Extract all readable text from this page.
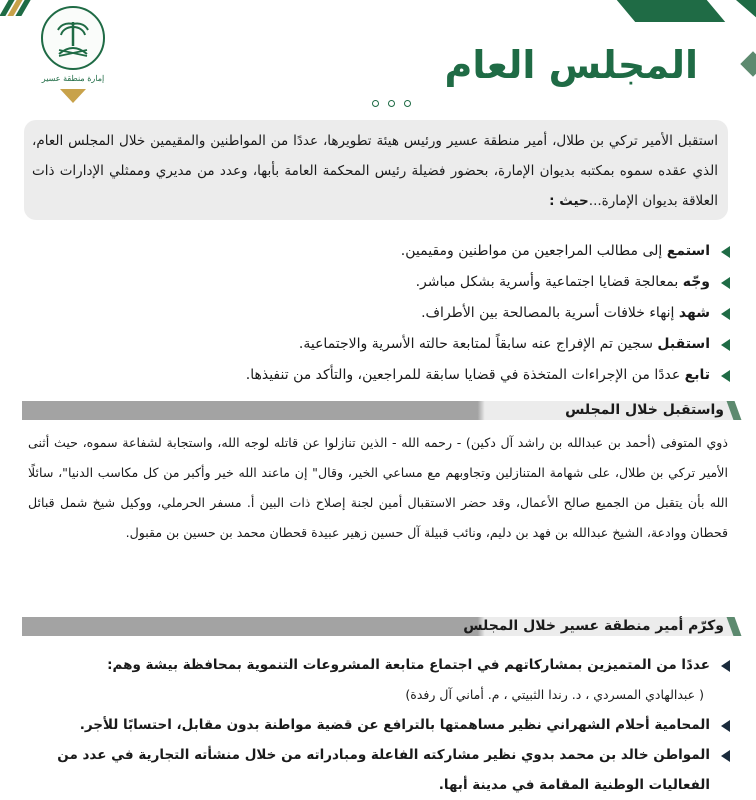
إمارة منطقة عسير	المجلس العام
استقبل الأمير تركي بن طلال، أمير منطقة عسير ورئيس هيئة تطويرها، عددًا من المواطنين والمقيمين خلال المجلس العام، الذي عقده سموه بمكتبه بديوان الإمارة، بحضور فضيلة رئيس المحكمة العامة بأبها، وعدد من مديري وممثلي الإدارات ذات العلاقة بديوان الإمارة...حيث :
استمع إلى مطالب المراجعين من مواطنين ومقيمين.
وجّه بمعالجة قضايا اجتماعية وأسرية بشكل مباشر.
شهد إنهاء خلافات أسرية بالمصالحة بين الأطراف.
استقبل سجين تم الإفراج عنه سابقاً لمتابعة حالته الأسرية والاجتماعية.
تابع عددًا من الإجراءات المتخذة في قضايا سابقة للمراجعين، والتأكد من تنفيذها.
واستقبل خلال المجلس

ذوي المتوفى (أحمد بن عبدالله بن راشد آل دكين) - رحمه الله - الذين تنازلوا عن قاتله لوجه الله، واستجابة لشفاعة سموه، حيث أثنى الأمير تركي بن طلال، على شهامة المتنازلين وتجاوبهم مع مساعي الخير، وقال" إن ماعند الله خير وأكبر من كل مكاسب الدنيا"، سائلًا الله بأن يتقبل من الجميع صالح الأعمال، وقد حضر الاستقبال أمين لجنة إصلاح ذات البين أ. مسفر الحرملي، ووكيل شيخ شمل قبائل قحطان ووادعة، الشيخ عبدالله بن فهد بن دليم، ونائب قبيلة آل حسين زهير عبيدة قحطان محمد بن حسين بن مقبول.

وكرّم أمير منطقة عسير خلال المجلس
عددًا من المتميزين بمشاركاتهم في اجتماع متابعة المشروعات التنموية بمحافظة بيشة وهم:
( عبدالهادي المسردي ، د. رندا الثبيتي ، م. أماني آل رفدة)
المحامية أحلام الشهراني نظير مساهمتها بالترافع عن قضية مواطنة بدون مقابل، احتسابًا للأجر.
المواطن خالد بن محمد بدوي نظير مشاركته الفاعلة ومبادراته من خلال منشأته التجارية في عدد من الفعاليات الوطنية المقامة في مدينة أبها.
